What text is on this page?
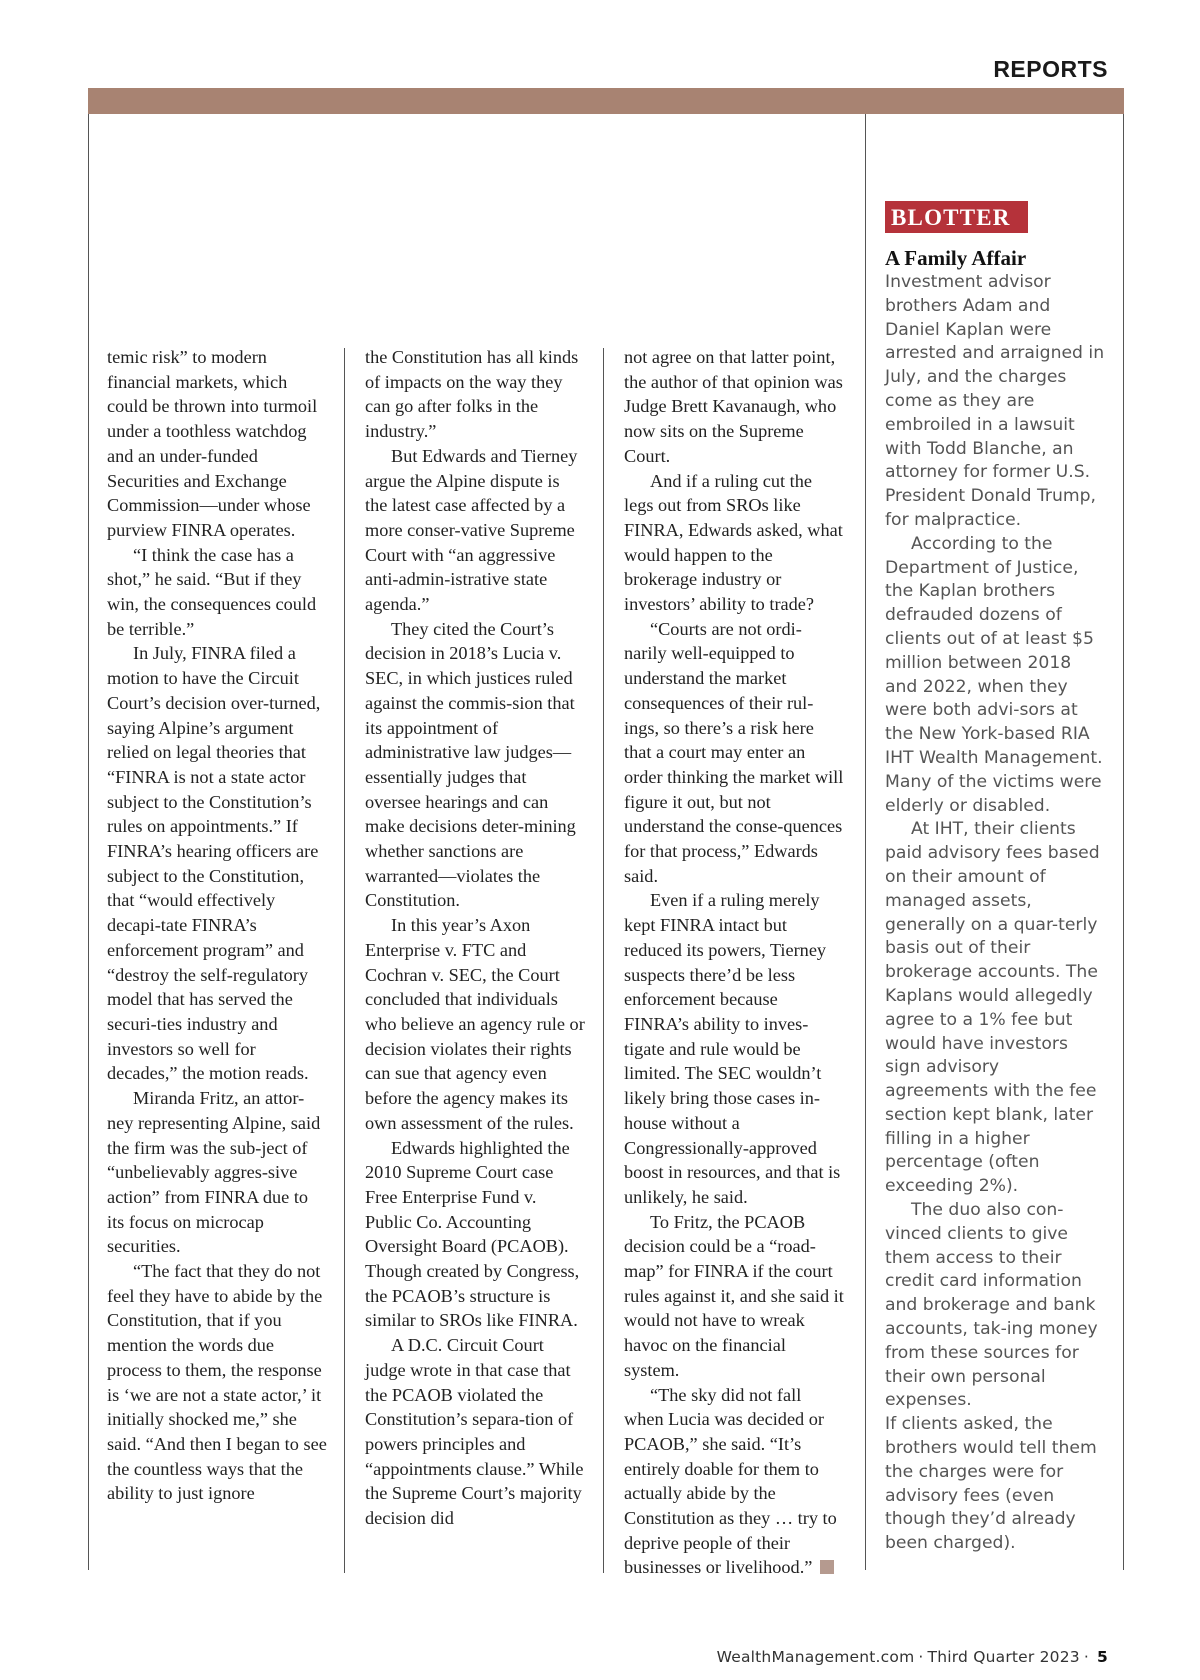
REPORTS

temic risk” to modern financial markets, which could be thrown into turmoil under a toothless watchdog and an under-funded Securities and Exchange Commission—under whose purview FINRA operates.

“I think the case has a shot,” he said. “But if they win, the consequences could be terrible.”

In July, FINRA filed a motion to have the Circuit Court’s decision over-turned, saying Alpine’s argument relied on legal theories that “FINRA is not a state actor subject to the Constitution’s rules on appointments.” If FINRA’s hearing officers are subject to the Constitution, that “would effectively decapi-tate FINRA’s enforcement program” and “destroy the self-regulatory model that has served the securi-ties industry and investors so well for decades,” the motion reads.

Miranda Fritz, an attor-ney representing Alpine, said the firm was the sub-ject of “unbelievably aggres-sive action” from FINRA due to its focus on microcap securities.

“The fact that they do not feel they have to abide by the Constitution, that if you mention the words due process to them, the response is ‘we are not a state actor,’ it initially shocked me,” she said. “And then I began to see the countless ways that the ability to just ignore

the Constitution has all kinds of impacts on the way they can go after folks in the industry.”

But Edwards and Tierney argue the Alpine dispute is the latest case affected by a more conser-vative Supreme Court with “an aggressive anti-admin-istrative state agenda.”

They cited the Court’s decision in 2018’s Lucia v. SEC, in which justices ruled against the commis-sion that its appointment of administrative law judges—essentially judges that oversee hearings and can make decisions deter-mining whether sanctions are warranted—violates the Constitution.

In this year’s Axon Enterprise v. FTC and Cochran v. SEC, the Court concluded that individuals who believe an agency rule or decision violates their rights can sue that agency even before the agency makes its own assessment of the rules.

Edwards highlighted the 2010 Supreme Court case Free Enterprise Fund v. Public Co. Accounting Oversight Board (PCAOB). Though created by Congress, the PCAOB’s structure is similar to SROs like FINRA.

A D.C. Circuit Court judge wrote in that case that the PCAOB violated the Constitution’s separa-tion of powers principles and “appointments clause.” While the Supreme Court’s majority decision did

not agree on that latter point, the author of that opinion was Judge Brett Kavanaugh, who now sits on the Supreme Court.

And if a ruling cut the legs out from SROs like FINRA, Edwards asked, what would happen to the brokerage industry or investors’ ability to trade?

“Courts are not ordi-narily well-equipped to understand the market consequences of their rul-ings, so there’s a risk here that a court may enter an order thinking the market will figure it out, but not understand the conse-quences for that process,” Edwards said.

Even if a ruling merely kept FINRA intact but reduced its powers, Tierney suspects there’d be less enforcement because FINRA’s ability to inves-tigate and rule would be limited. The SEC wouldn’t likely bring those cases in-house without a Congressionally-approved boost in resources, and that is unlikely, he said.

To Fritz, the PCAOB decision could be a “road-map” for FINRA if the court rules against it, and she said it would not have to wreak havoc on the financial system.

“The sky did not fall when Lucia was decided or PCAOB,” she said. “It’s entirely doable for them to actually abide by the Constitution as they … try to deprive people of their businesses or livelihood.”

BLOTTER
A Family Affair

Investment advisor brothers Adam and Daniel Kaplan were arrested and arraigned in July, and the charges come as they are embroiled in a lawsuit with Todd Blanche, an attorney for former U.S. President Donald Trump, for malpractice.

According to the Department of Justice, the Kaplan brothers defrauded dozens of clients out of at least $5 million between 2018 and 2022, when they were both advi-sors at the New York-based RIA IHT Wealth Management. Many of the victims were elderly or disabled.

At IHT, their clients paid advisory fees based on their amount of managed assets, generally on a quar-terly basis out of their brokerage accounts. The Kaplans would allegedly agree to a 1% fee but would have investors sign advisory agreements with the fee section kept blank, later filling in a higher percentage (often exceeding 2%).

The duo also con-vinced clients to give them access to their credit card information and brokerage and bank accounts, tak-ing money from these sources for their own personal expenses.

If clients asked, the brothers would tell them the charges were for advisory fees (even though they’d already been charged).

WealthManagement.com · Third Quarter 2023 · 5
